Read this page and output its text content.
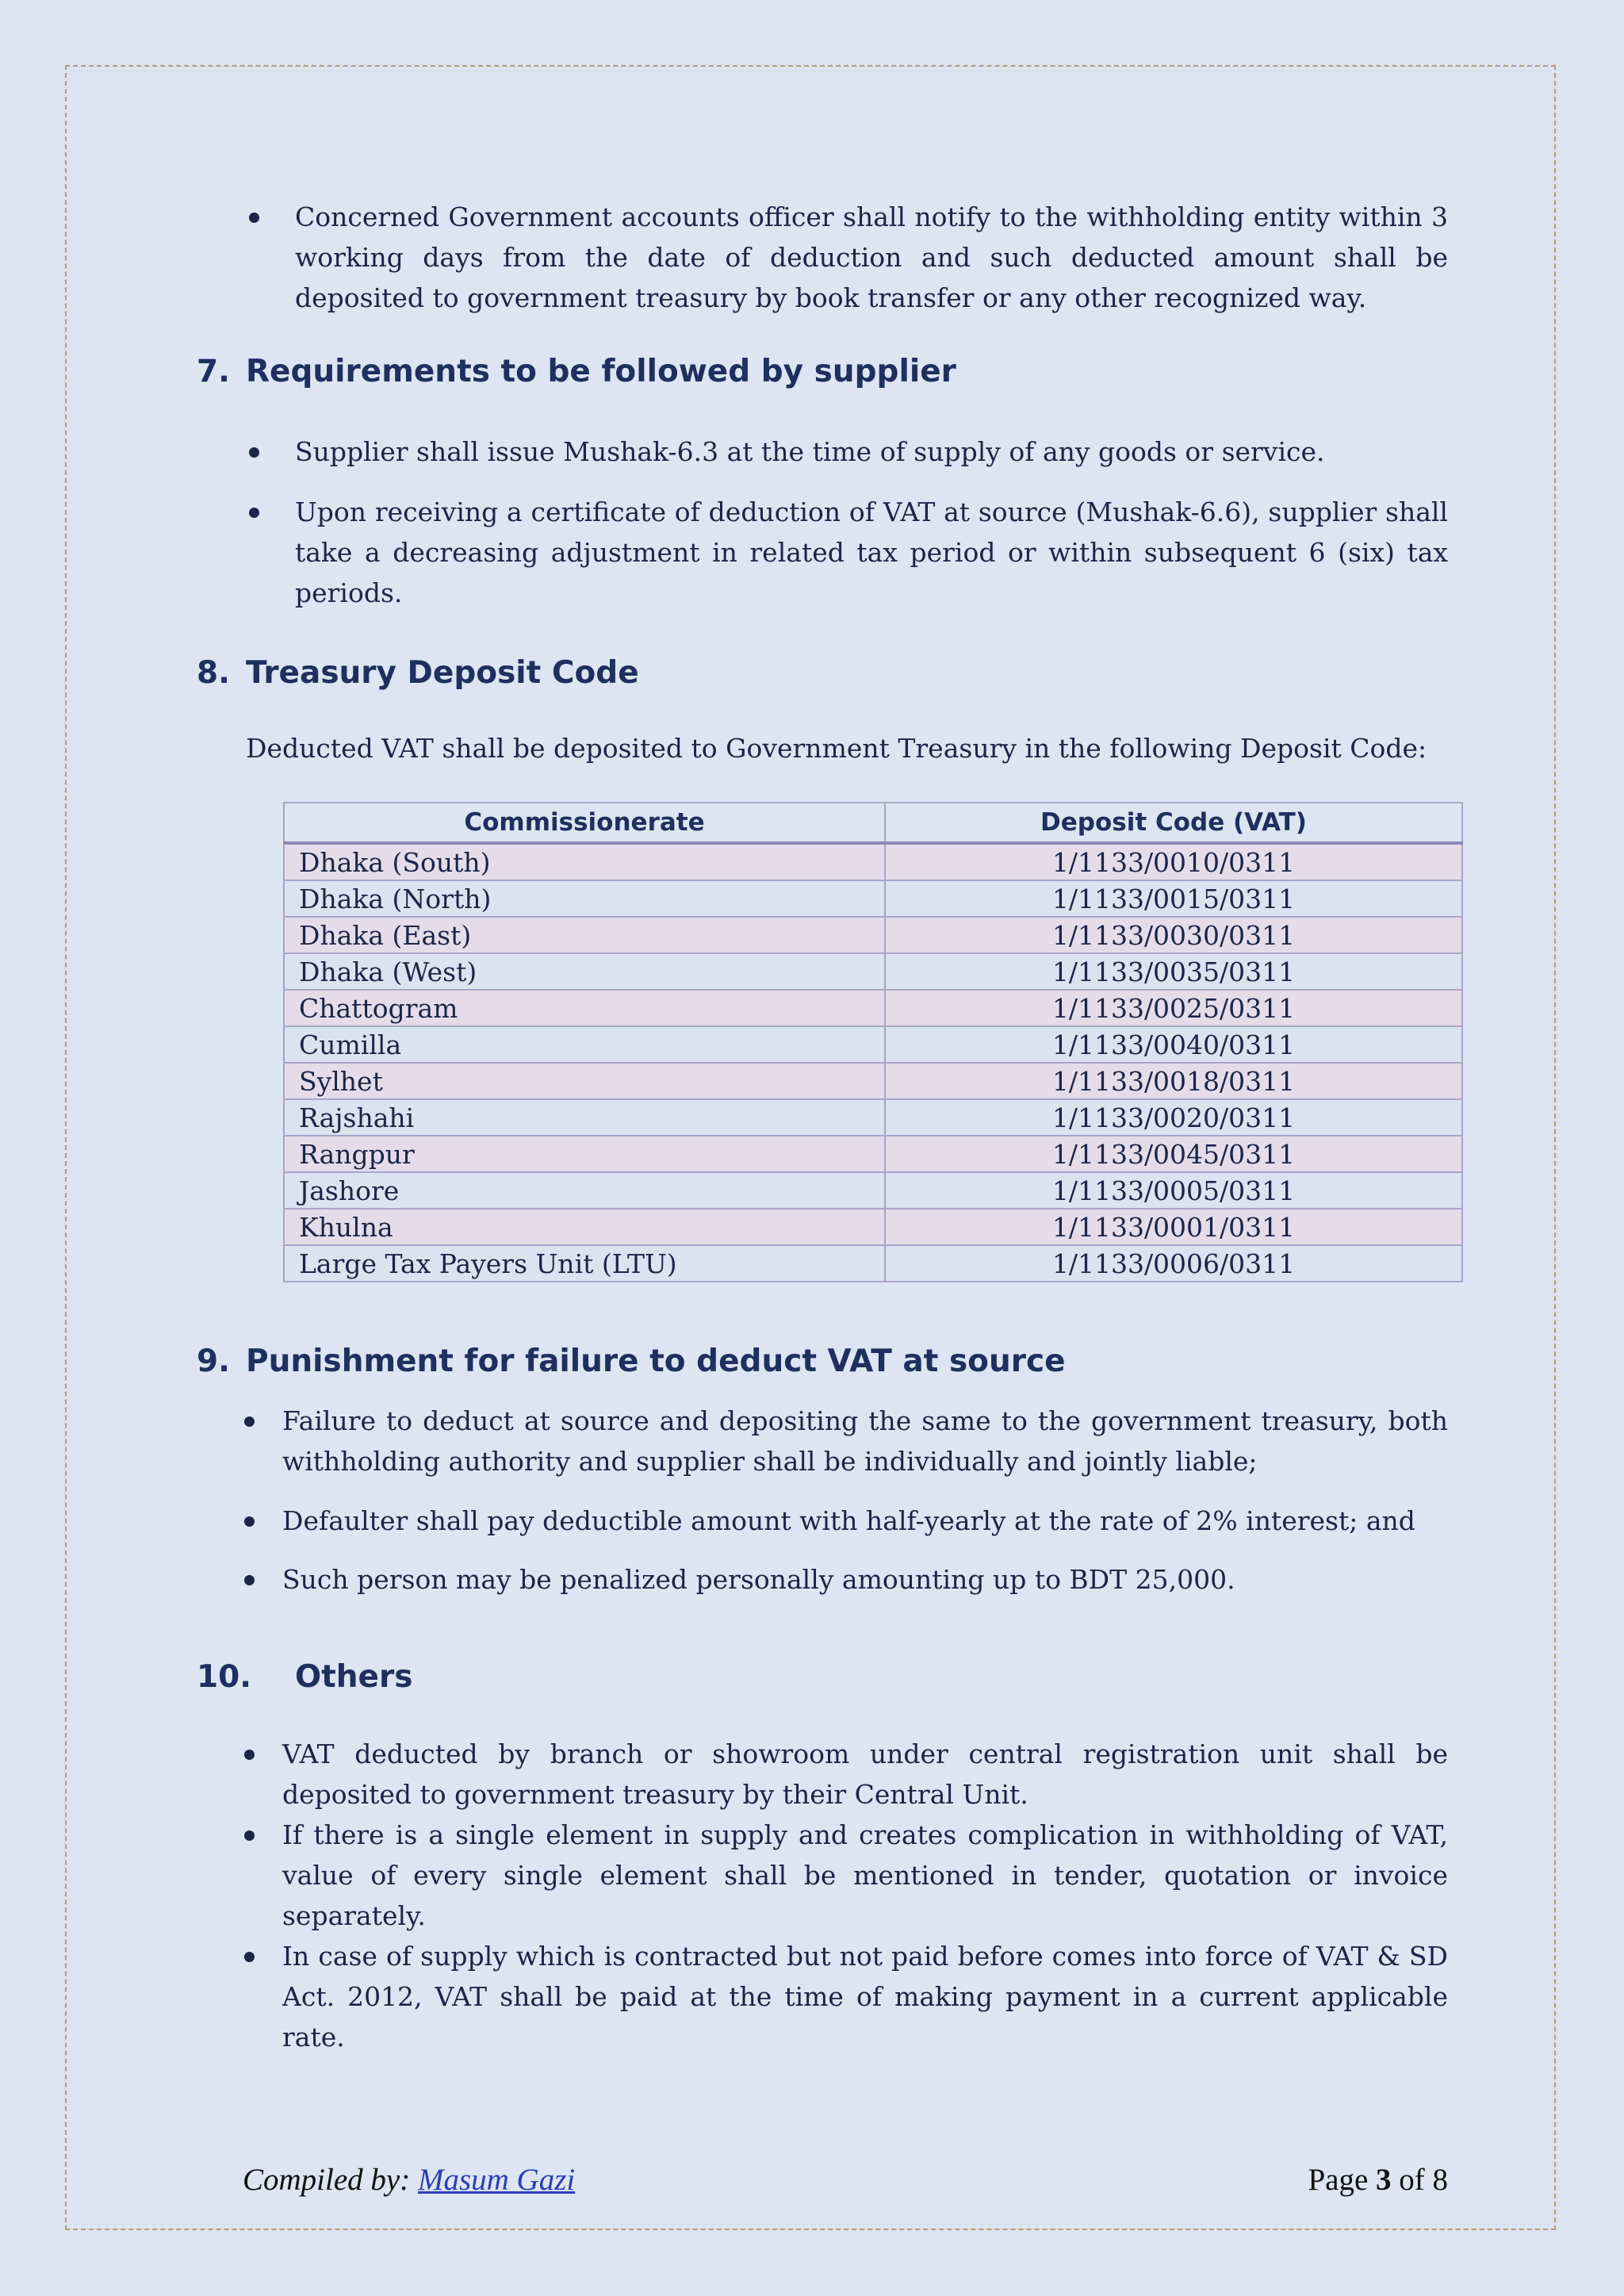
Concerned Government accounts officer shall notify to the withholding entity within 3 working days from the date of deduction and such deducted amount shall be deposited to government treasury by book transfer or any other recognized way.
7. Requirements to be followed by supplier
Supplier shall issue Mushak-6.3 at the time of supply of any goods or service.
Upon receiving a certificate of deduction of VAT at source (Mushak-6.6), supplier shall take a decreasing adjustment in related tax period or within subsequent 6 (six) tax periods.
8. Treasury Deposit Code
Deducted VAT shall be deposited to Government Treasury in the following Deposit Code:
Commissionerate	Deposit Code (VAT)
Dhaka (South)	1/1133/0010/0311
Dhaka (North)	1/1133/0015/0311
Dhaka (East)	1/1133/0030/0311
Dhaka (West)	1/1133/0035/0311
Chattogram	1/1133/0025/0311
Cumilla	1/1133/0040/0311
Sylhet	1/1133/0018/0311
Rajshahi	1/1133/0020/0311
Rangpur	1/1133/0045/0311
Jashore	1/1133/0005/0311
Khulna	1/1133/0001/0311
Large Tax Payers Unit (LTU)	1/1133/0006/0311
9. Punishment for failure to deduct VAT at source
Failure to deduct at source and depositing the same to the government treasury, both withholding authority and supplier shall be individually and jointly liable;
Defaulter shall pay deductible amount with half-yearly at the rate of 2% interest; and
Such person may be penalized personally amounting up to BDT 25,000.
10. Others
VAT deducted by branch or showroom under central registration unit shall be deposited to government treasury by their Central Unit.
If there is a single element in supply and creates complication in withholding of VAT, value of every single element shall be mentioned in tender, quotation or invoice separately.
In case of supply which is contracted but not paid before comes into force of VAT & SD Act. 2012, VAT shall be paid at the time of making payment in a current applicable rate.
Compiled by: Masum Gazi	Page 3 of 8
